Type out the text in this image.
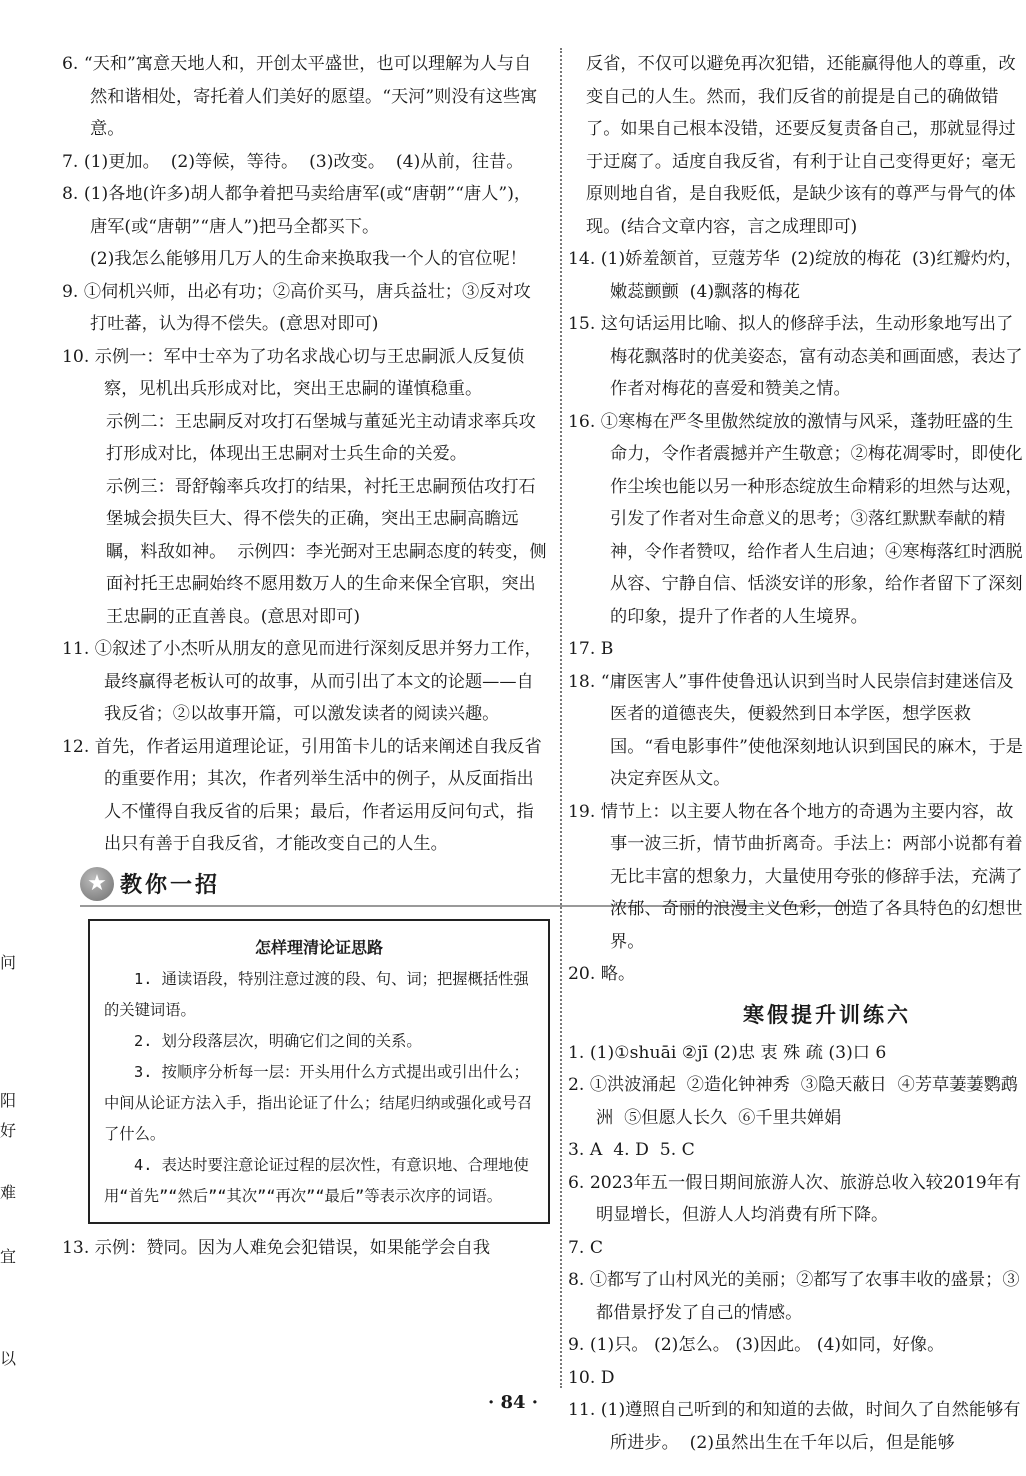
问
阳
好
难
宜
以

6. “天和”寓意天地人和，开创太平盛世，也可以理解为人与自然和谐相处，寄托着人们美好的愿望。“天河”则没有这些寓意。

7. (1)更加。  (2)等候，等待。  (3)改变。  (4)从前，往昔。

8. (1)各地(许多)胡人都争着把马卖给唐军(或“唐朝”“唐人”)，唐军(或“唐朝”“唐人”)把马全都买下。

(2)我怎么能够用几万人的生命来换取我一个人的官位呢！

9. ①伺机兴师，出必有功；②高价买马，唐兵益壮；③反对攻打吐蕃，认为得不偿失。(意思对即可)

10. 示例一：军中士卒为了功名求战心切与王忠嗣派人反复侦察，见机出兵形成对比，突出王忠嗣的谨慎稳重。

示例二：王忠嗣反对攻打石堡城与董延光主动请求率兵攻打形成对比，体现出王忠嗣对士兵生命的关爱。

示例三：哥舒翰率兵攻打的结果，衬托王忠嗣预估攻打石堡城会损失巨大、得不偿失的正确，突出王忠嗣高瞻远瞩，料敌如神。  示例四：李光弼对王忠嗣态度的转变，侧面衬托王忠嗣始终不愿用数万人的生命来保全官职，突出王忠嗣的正直善良。(意思对即可)

11. ①叙述了小杰听从朋友的意见而进行深刻反思并努力工作，最终赢得老板认可的故事，从而引出了本文的论题——自我反省；②以故事开篇，可以激发读者的阅读兴趣。

12. 首先，作者运用道理论证，引用笛卡儿的话来阐述自我反省的重要作用；其次，作者列举生活中的例子，从反面指出人不懂得自我反省的后果；最后，作者运用反问句式，指出只有善于自我反省，才能改变自己的人生。

★ 教你一招
怎样理清论证思路

1. 通读语段，特别注意过渡的段、句、词；把握概括性强的关键词语。

2. 划分段落层次，明确它们之间的关系。

3. 按顺序分析每一层：开头用什么方式提出或引出什么；中间从论证方法入手，指出论证了什么；结尾归纳或强化或号召了什么。

4. 表达时要注意论证过程的层次性，有意识地、合理地使用“首先”“然后”“其次”“再次”“最后”等表示次序的词语。

13. 示例：赞同。因为人难免会犯错误，如果能学会自我

反省，不仅可以避免再次犯错，还能赢得他人的尊重，改变自己的人生。然而，我们反省的前提是自己的确做错了。如果自己根本没错，还要反复责备自己，那就显得过于迂腐了。适度自我反省，有利于让自己变得更好；毫无原则地自省，是自我贬低，是缺少该有的尊严与骨气的体现。(结合文章内容，言之成理即可)

14. (1)娇羞颔首，豆蔻芳华  (2)绽放的梅花  (3)红瓣灼灼，嫩蕊颤颤  (4)飘落的梅花

15. 这句话运用比喻、拟人的修辞手法，生动形象地写出了梅花飘落时的优美姿态，富有动态美和画面感，表达了作者对梅花的喜爱和赞美之情。

16. ①寒梅在严冬里傲然绽放的激情与风采，蓬勃旺盛的生命力，令作者震撼并产生敬意；②梅花凋零时，即使化作尘埃也能以另一种形态绽放生命精彩的坦然与达观，引发了作者对生命意义的思考；③落红默默奉献的精神，令作者赞叹，给作者人生启迪；④寒梅落红时洒脱从容、宁静自信、恬淡安详的形象，给作者留下了深刻的印象，提升了作者的人生境界。

17. B

18. “庸医害人”事件使鲁迅认识到当时人民崇信封建迷信及医者的道德丧失，便毅然到日本学医，想学医救国。“看电影事件”使他深刻地认识到国民的麻木，于是决定弃医从文。

19. 情节上：以主要人物在各个地方的奇遇为主要内容，故事一波三折，情节曲折离奇。手法上：两部小说都有着无比丰富的想象力，大量使用夸张的修辞手法，充满了浓郁、奇丽的浪漫主义色彩，创造了各具特色的幻想世界。

20. 略。

寒假提升训练六

1. (1)①shuāi ②jī (2)忠 衷 殊 疏 (3)口 6

2. ①洪波涌起  ②造化钟神秀  ③隐天蔽日  ④芳草萋萋鹦鹉洲  ⑤但愿人长久  ⑥千里共婵娟

3. A  4. D  5. C

6. 2023年五一假日期间旅游人次、旅游总收入较2019年有明显增长，但游人人均消费有所下降。

7. C

8. ①都写了山村风光的美丽；②都写了农事丰收的盛景；③都借景抒发了自己的情感。

9. (1)只。 (2)怎么。 (3)因此。 (4)如同，好像。

10. D

11. (1)遵照自己听到的和知道的去做，时间久了自然能够有所进步。  (2)虽然出生在千年以后，但是能够

· 84 ·
